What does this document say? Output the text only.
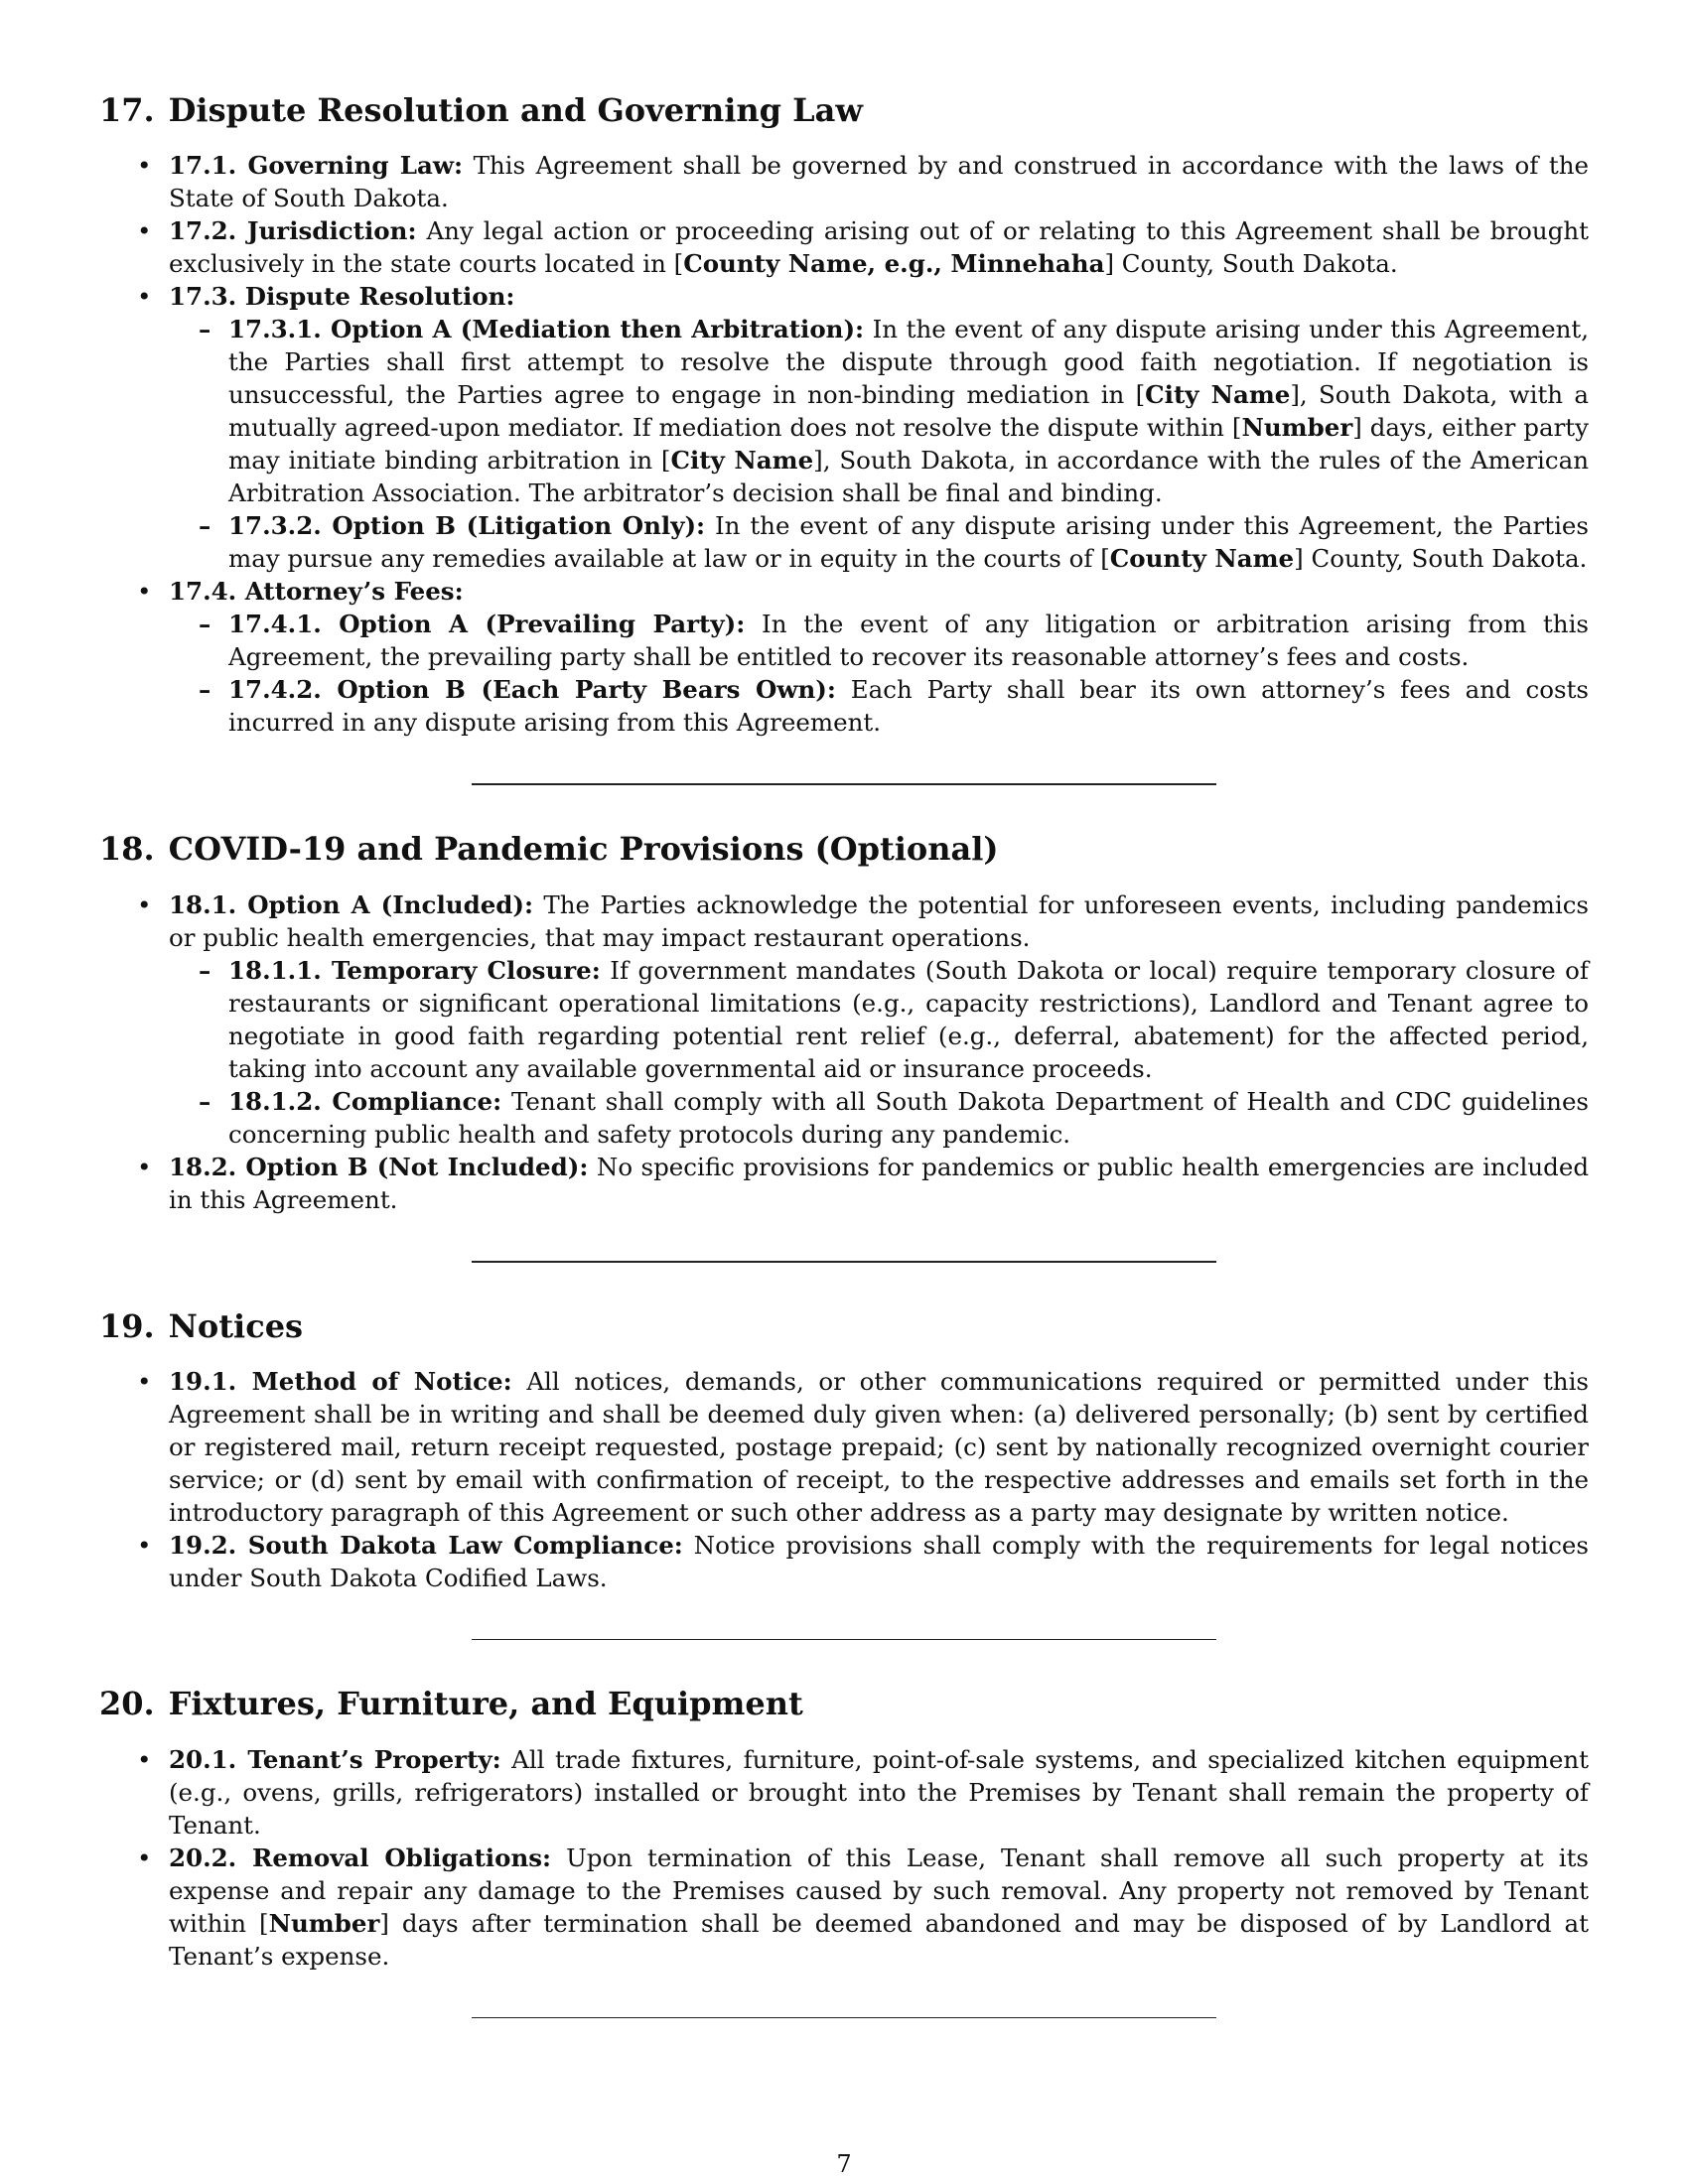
17. Dispute Resolution and Governing Law
• 17.1. Governing Law: This Agreement shall be governed by and construed in accordance with the laws of the State of South Dakota.
• 17.2. Jurisdiction: Any legal action or proceeding arising out of or relating to this Agreement shall be brought exclusively in the state courts located in [County Name, e.g., Minnehaha] County, South Dakota.
• 17.3. Dispute Resolution:
– 17.3.1. Option A (Mediation then Arbitration): In the event of any dispute arising under this Agreement, the Parties shall first attempt to resolve the dispute through good faith negotiation. If negotiation is unsuccessful, the Parties agree to engage in non-binding mediation in [City Name], South Dakota, with a mutually agreed-upon mediator. If mediation does not resolve the dispute within [Number] days, either party may initiate binding arbitration in [City Name], South Dakota, in accordance with the rules of the American Arbitration Association. The arbitrator’s decision shall be final and binding.
– 17.3.2. Option B (Litigation Only): In the event of any dispute arising under this Agreement, the Parties may pursue any remedies available at law or in equity in the courts of [County Name] County, South Dakota.
• 17.4. Attorney’s Fees:
– 17.4.1. Option A (Prevailing Party): In the event of any litigation or arbitration arising from this Agreement, the prevailing party shall be entitled to recover its reasonable attorney’s fees and costs.
– 17.4.2. Option B (Each Party Bears Own): Each Party shall bear its own attorney’s fees and costs incurred in any dispute arising from this Agreement.
18. COVID-19 and Pandemic Provisions (Optional)
• 18.1. Option A (Included): The Parties acknowledge the potential for unforeseen events, including pandemics or public health emergencies, that may impact restaurant operations.
– 18.1.1. Temporary Closure: If government mandates (South Dakota or local) require temporary closure of restaurants or significant operational limitations (e.g., capacity restrictions), Landlord and Tenant agree to negotiate in good faith regarding potential rent relief (e.g., deferral, abatement) for the affected period, taking into account any available governmental aid or insurance proceeds.
– 18.1.2. Compliance: Tenant shall comply with all South Dakota Department of Health and CDC guidelines concerning public health and safety protocols during any pandemic.
• 18.2. Option B (Not Included): No specific provisions for pandemics or public health emergencies are included in this Agreement.
19. Notices
• 19.1. Method of Notice: All notices, demands, or other communications required or permitted under this Agreement shall be in writing and shall be deemed duly given when: (a) delivered personally; (b) sent by certified or registered mail, return receipt requested, postage prepaid; (c) sent by nationally recognized overnight courier service; or (d) sent by email with confirmation of receipt, to the respective addresses and emails set forth in the introductory paragraph of this Agreement or such other address as a party may designate by written notice.
• 19.2. South Dakota Law Compliance: Notice provisions shall comply with the requirements for legal notices under South Dakota Codified Laws.
20. Fixtures, Furniture, and Equipment
• 20.1. Tenant’s Property: All trade fixtures, furniture, point-of-sale systems, and specialized kitchen equipment (e.g., ovens, grills, refrigerators) installed or brought into the Premises by Tenant shall remain the property of Tenant.
• 20.2. Removal Obligations: Upon termination of this Lease, Tenant shall remove all such property at its expense and repair any damage to the Premises caused by such removal. Any property not removed by Tenant within [Number] days after termination shall be deemed abandoned and may be disposed of by Landlord at Tenant’s expense.
7
